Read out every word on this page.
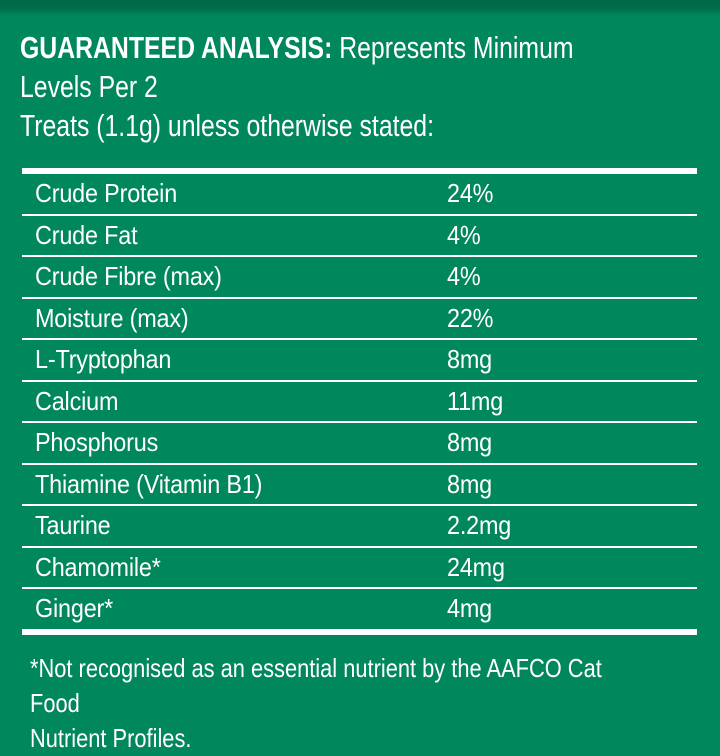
GUARANTEED ANALYSIS: Represents Minimum Levels Per 2
Treats (1.1g) unless otherwise stated:
Crude Protein	24%
Crude Fat	4%
Crude Fibre (max)	4%
Moisture (max)	22%
L-Tryptophan	8mg
Calcium	11mg
Phosphorus	8mg
Thiamine (Vitamin B1)	8mg
Taurine	2.2mg
Chamomile*	24mg
Ginger*	4mg
*Not recognised as an essential nutrient by the AAFCO Cat Food
Nutrient Profiles.
